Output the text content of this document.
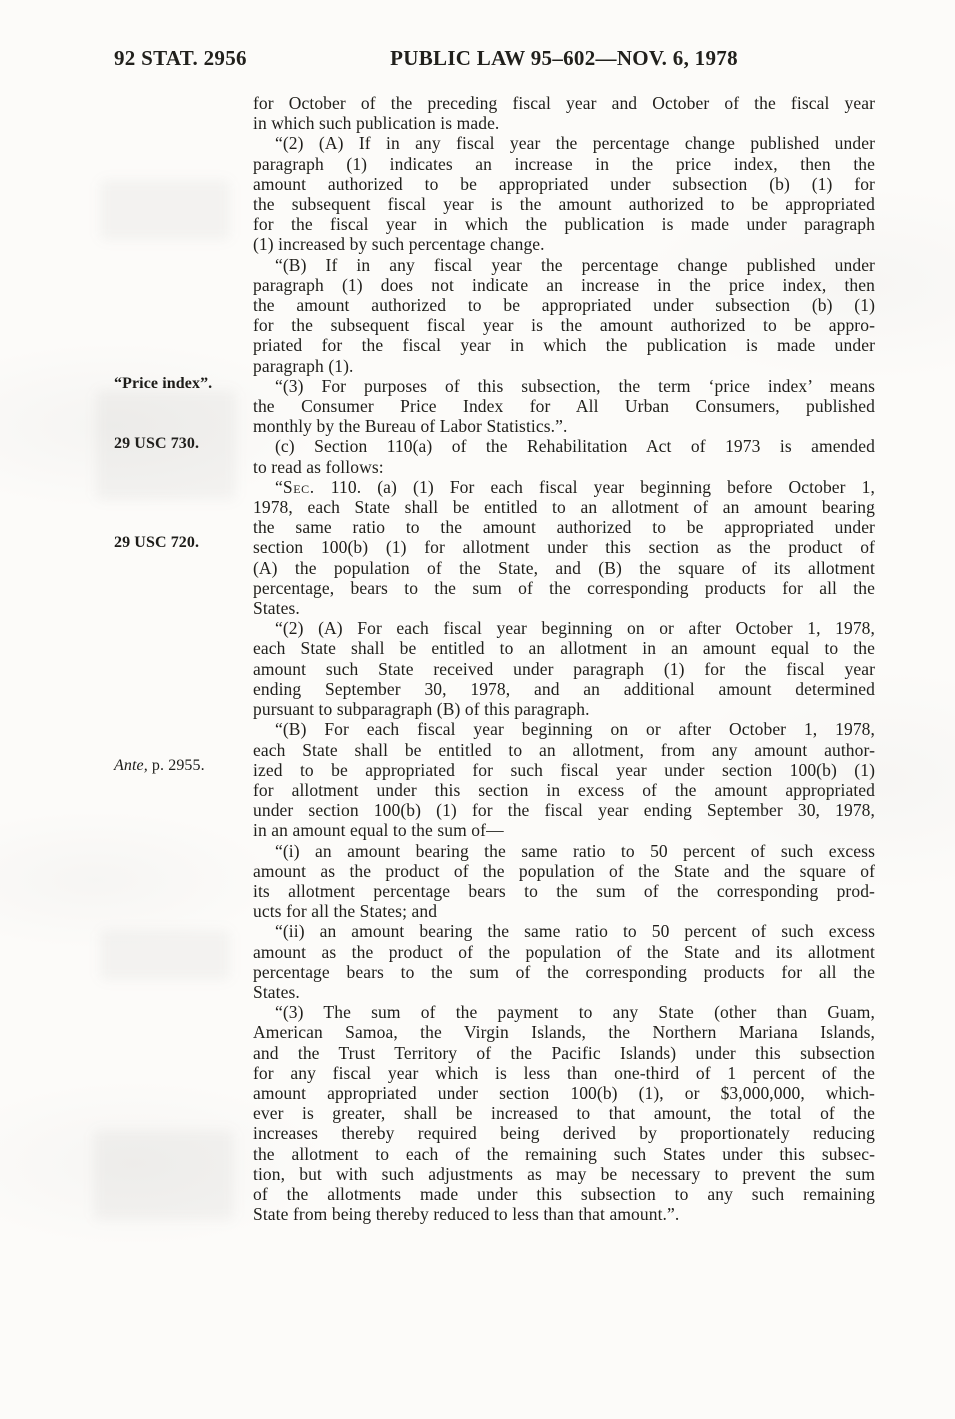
92 STAT. 2956	PUBLIC LAW 95–602—NOV. 6, 1978
“Price index”.
29 USC 730.
29 USC 720.
Ante, p. 2955.
for October of the preceding fiscal year and October of the fiscal year
in which such publication is made.
“(2) (A) If in any fiscal year the percentage change published under
paragraph (1) indicates an increase in the price index, then the
amount authorized to be appropriated under subsection (b) (1) for
the subsequent fiscal year is the amount authorized to be appropriated
for the fiscal year in which the publication is made under paragraph
(1) increased by such percentage change.
“(B) If in any fiscal year the percentage change published under
paragraph (1) does not indicate an increase in the price index, then
the amount authorized to be appropriated under subsection (b) (1)
for the subsequent fiscal year is the amount authorized to be appro-
priated for the fiscal year in which the publication is made under
paragraph (1).
“(3) For purposes of this subsection, the term ‘price index’ means
the Consumer Price Index for All Urban Consumers, published
monthly by the Bureau of Labor Statistics.”.
(c) Section 110(a) of the Rehabilitation Act of 1973 is amended
to read as follows:
“Sec. 110. (a) (1) For each fiscal year beginning before October 1,
1978, each State shall be entitled to an allotment of an amount bearing
the same ratio to the amount authorized to be appropriated under
section 100(b) (1) for allotment under this section as the product of
(A) the population of the State, and (B) the square of its allotment
percentage, bears to the sum of the corresponding products for all the
States.
“(2) (A) For each fiscal year beginning on or after October 1, 1978,
each State shall be entitled to an allotment in an amount equal to the
amount such State received under paragraph (1) for the fiscal year
ending September 30, 1978, and an additional amount determined
pursuant to subparagraph (B) of this paragraph.
“(B) For each fiscal year beginning on or after October 1, 1978,
each State shall be entitled to an allotment, from any amount author-
ized to be appropriated for such fiscal year under section 100(b) (1)
for allotment under this section in excess of the amount appropriated
under section 100(b) (1) for the fiscal year ending September 30, 1978,
in an amount equal to the sum of—
“(i) an amount bearing the same ratio to 50 percent of such excess
amount as the product of the population of the State and the square of
its allotment percentage bears to the sum of the corresponding prod-
ucts for all the States; and
“(ii) an amount bearing the same ratio to 50 percent of such excess
amount as the product of the population of the State and its allotment
percentage bears to the sum of the corresponding products for all the
States.
“(3) The sum of the payment to any State (other than Guam,
American Samoa, the Virgin Islands, the Northern Mariana Islands,
and the Trust Territory of the Pacific Islands) under this subsection
for any fiscal year which is less than one-third of 1 percent of the
amount appropriated under section 100(b) (1), or $3,000,000, which-
ever is greater, shall be increased to that amount, the total of the
increases thereby required being derived by proportionately reducing
the allotment to each of the remaining such States under this subsec-
tion, but with such adjustments as may be necessary to prevent the sum
of the allotments made under this subsection to any such remaining
State from being thereby reduced to less than that amount.”.
